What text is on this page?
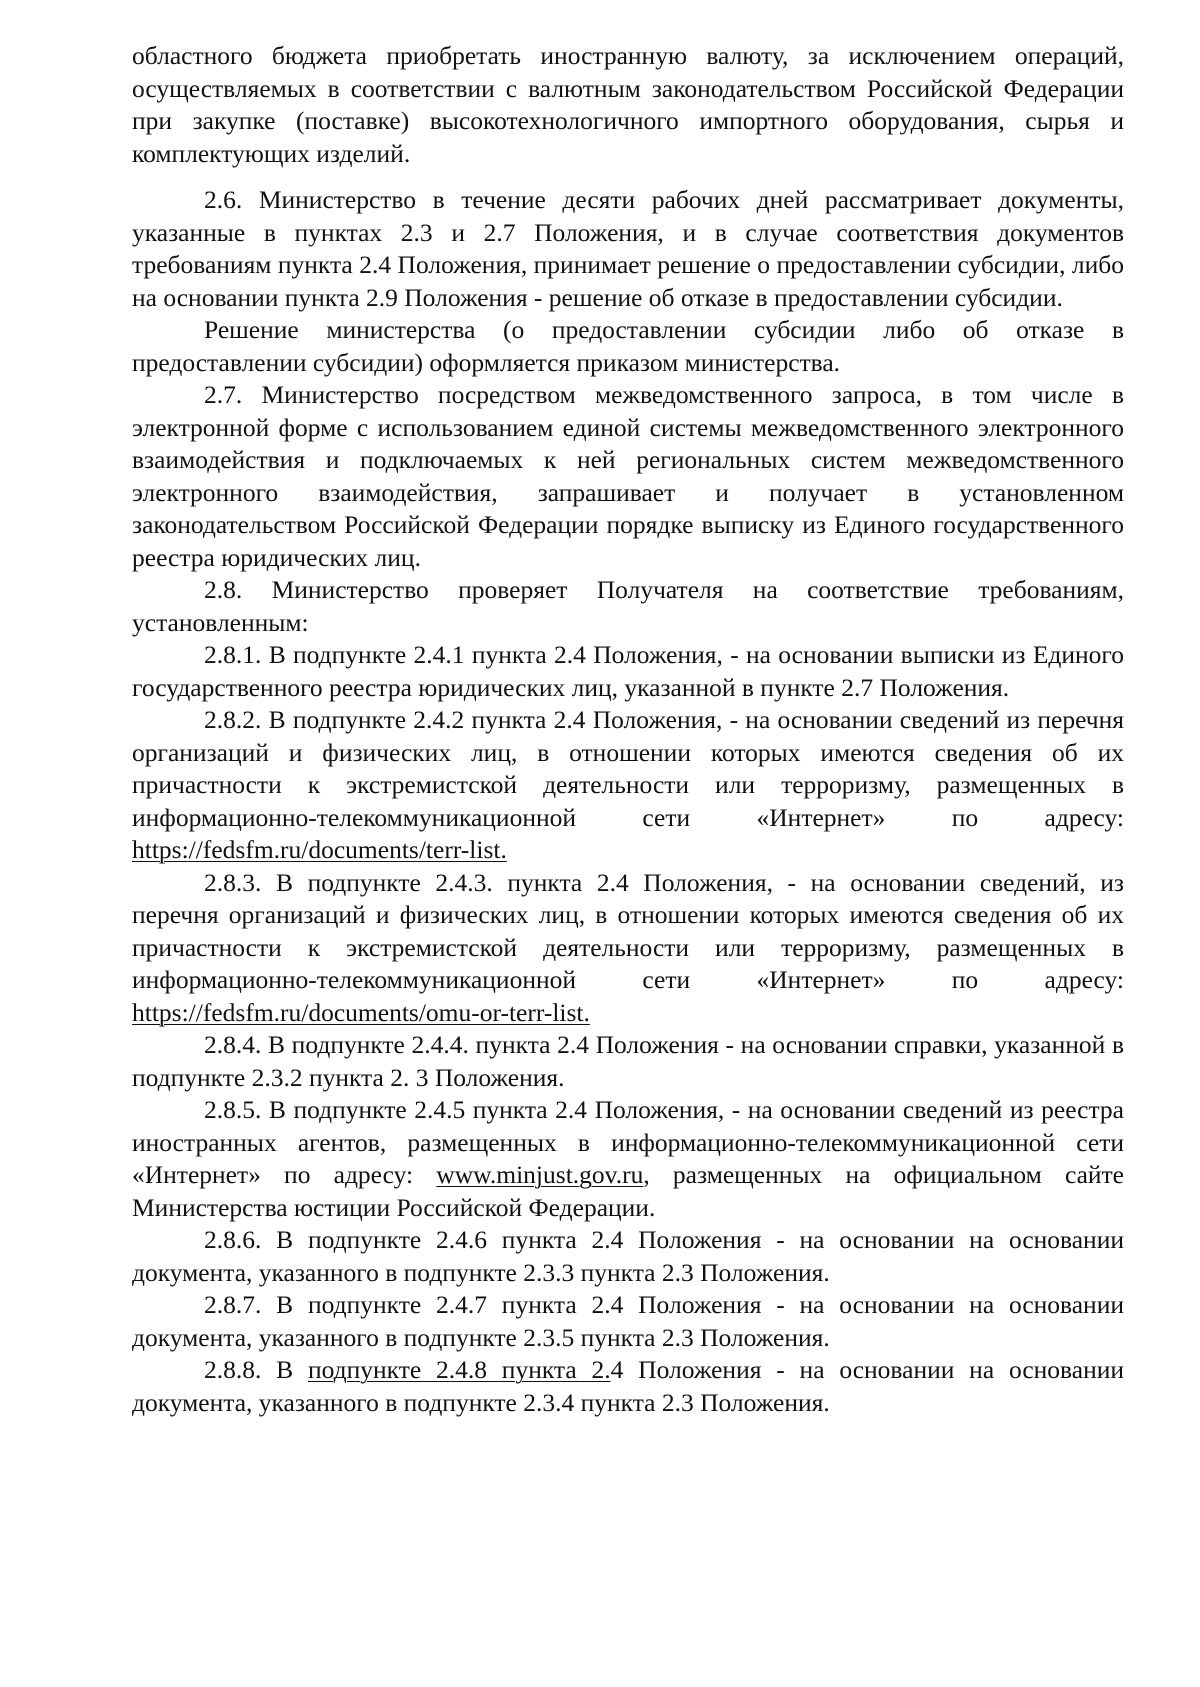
областного бюджета приобретать иностранную валюту, за исключением операций, осуществляемых в соответствии с валютным законодательством Российской Федерации при закупке (поставке) высокотехнологичного импортного оборудования, сырья и комплектующих изделий.

2.6. Министерство в течение десяти рабочих дней рассматривает документы, указанные в пунктах 2.3 и 2.7 Положения, и в случае соответствия документов требованиям пункта 2.4 Положения, принимает решение о предоставлении субсидии, либо на основании пункта 2.9 Положения - решение об отказе в предоставлении субсидии.

Решение министерства (о предоставлении субсидии либо об отказе в предоставлении субсидии) оформляется приказом министерства.

2.7. Министерство посредством межведомственного запроса, в том числе в электронной форме с использованием единой системы межведомственного электронного взаимодействия и подключаемых к ней региональных систем межведомственного электронного взаимодействия, запрашивает и получает в установленном законодательством Российской Федерации порядке выписку из Единого государственного реестра юридических лиц.

2.8. Министерство проверяет Получателя на соответствие требованиям, установленным:

2.8.1. В подпункте 2.4.1 пункта 2.4 Положения, - на основании выписки из Единого государственного реестра юридических лиц, указанной в пункте 2.7 Положения.

2.8.2. В подпункте 2.4.2 пункта 2.4 Положения, - на основании сведений из перечня организаций и физических лиц, в отношении которых имеются сведения об их причастности к экстремистской деятельности или терроризму, размещенных в информационно-телекоммуникационной сети «Интернет» по адресу: https://fedsfm.ru/documents/terr-list.

2.8.3. В подпункте 2.4.3. пункта 2.4 Положения, - на основании сведений, из перечня организаций и физических лиц, в отношении которых имеются сведения об их причастности к экстремистской деятельности или терроризму, размещенных в информационно-телекоммуникационной сети «Интернет» по адресу: https://fedsfm.ru/documents/omu-or-terr-list.

2.8.4. В подпункте 2.4.4. пункта 2.4 Положения - на основании справки, указанной в подпункте 2.3.2 пункта 2. 3 Положения.

2.8.5. В подпункте 2.4.5 пункта 2.4 Положения, - на основании сведений из реестра иностранных агентов, размещенных в информационно-телекоммуникационной сети «Интернет» по адресу: www.minjust.gov.ru, размещенных на официальном сайте Министерства юстиции Российской Федерации.

2.8.6. В подпункте 2.4.6 пункта 2.4 Положения - на основании на основании документа, указанного в подпункте 2.3.3 пункта 2.3 Положения.

2.8.7. В подпункте 2.4.7 пункта 2.4 Положения - на основании на основании документа, указанного в подпункте 2.3.5 пункта 2.3 Положения.

2.8.8. В подпункте 2.4.8 пункта 2.4 Положения - на основании на основании документа, указанного в подпункте 2.3.4 пункта 2.3 Положения.
